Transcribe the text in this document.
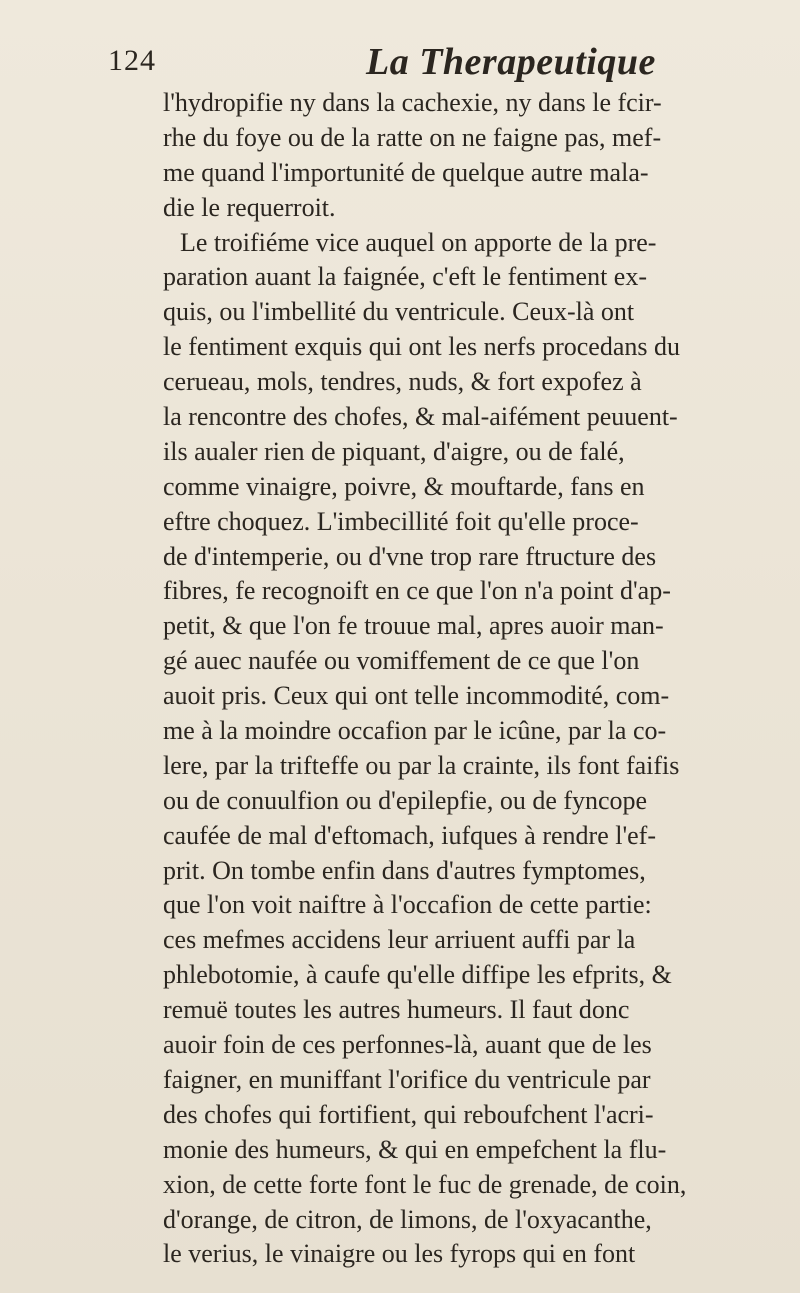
124	La Therapeutique
l'hydropifie ny dans la cachexie, ny dans le fcir-
rhe du foye ou de la ratte on ne faigne pas, mef-
me quand l'importunité de quelque autre mala-
die le requerroit.
Le troifiéme vice auquel on apporte de la pre-
paration auant la faignée, c'eft le fentiment ex-
quis, ou l'imbellité du ventricule. Ceux-là ont
le fentiment exquis qui ont les nerfs procedans du
cerueau, mols, tendres, nuds, & fort expofez à
la rencontre des chofes, & mal-aifément peuuent-
ils aualer rien de piquant, d'aigre, ou de falé,
comme vinaigre, poivre, & mouftarde, fans en
eftre choquez. L'imbecillité foit qu'elle proce-
de d'intemperie, ou d'vne trop rare ftructure des
fibres, fe recognoift en ce que l'on n'a point d'ap-
petit, & que l'on fe trouue mal, apres auoir man-
gé auec naufée ou vomiffement de ce que l'on
auoit pris. Ceux qui ont telle incommodité, com-
me à la moindre occafion par le icûne, par la co-
lere, par la trifteffe ou par la crainte, ils font faifis
ou de conuulfion ou d'epilepfie, ou de fyncope
caufée de mal d'eftomach, iufques à rendre l'ef-
prit. On tombe enfin dans d'autres fymptomes,
que l'on voit naiftre à l'occafion de cette partie:
ces mefmes accidens leur arriuent auffi par la
phlebotomie, à caufe qu'elle diffipe les efprits, &
remuë toutes les autres humeurs. Il faut donc
auoir foin de ces perfonnes-là, auant que de les
faigner, en muniffant l'orifice du ventricule par
des chofes qui fortifient, qui reboufchent l'acri-
monie des humeurs, & qui en empefchent la flu-
xion, de cette forte font le fuc de grenade, de coin,
d'orange, de citron, de limons, de l'oxyacanthe,
le verius, le vinaigre ou les fyrops qui en font
